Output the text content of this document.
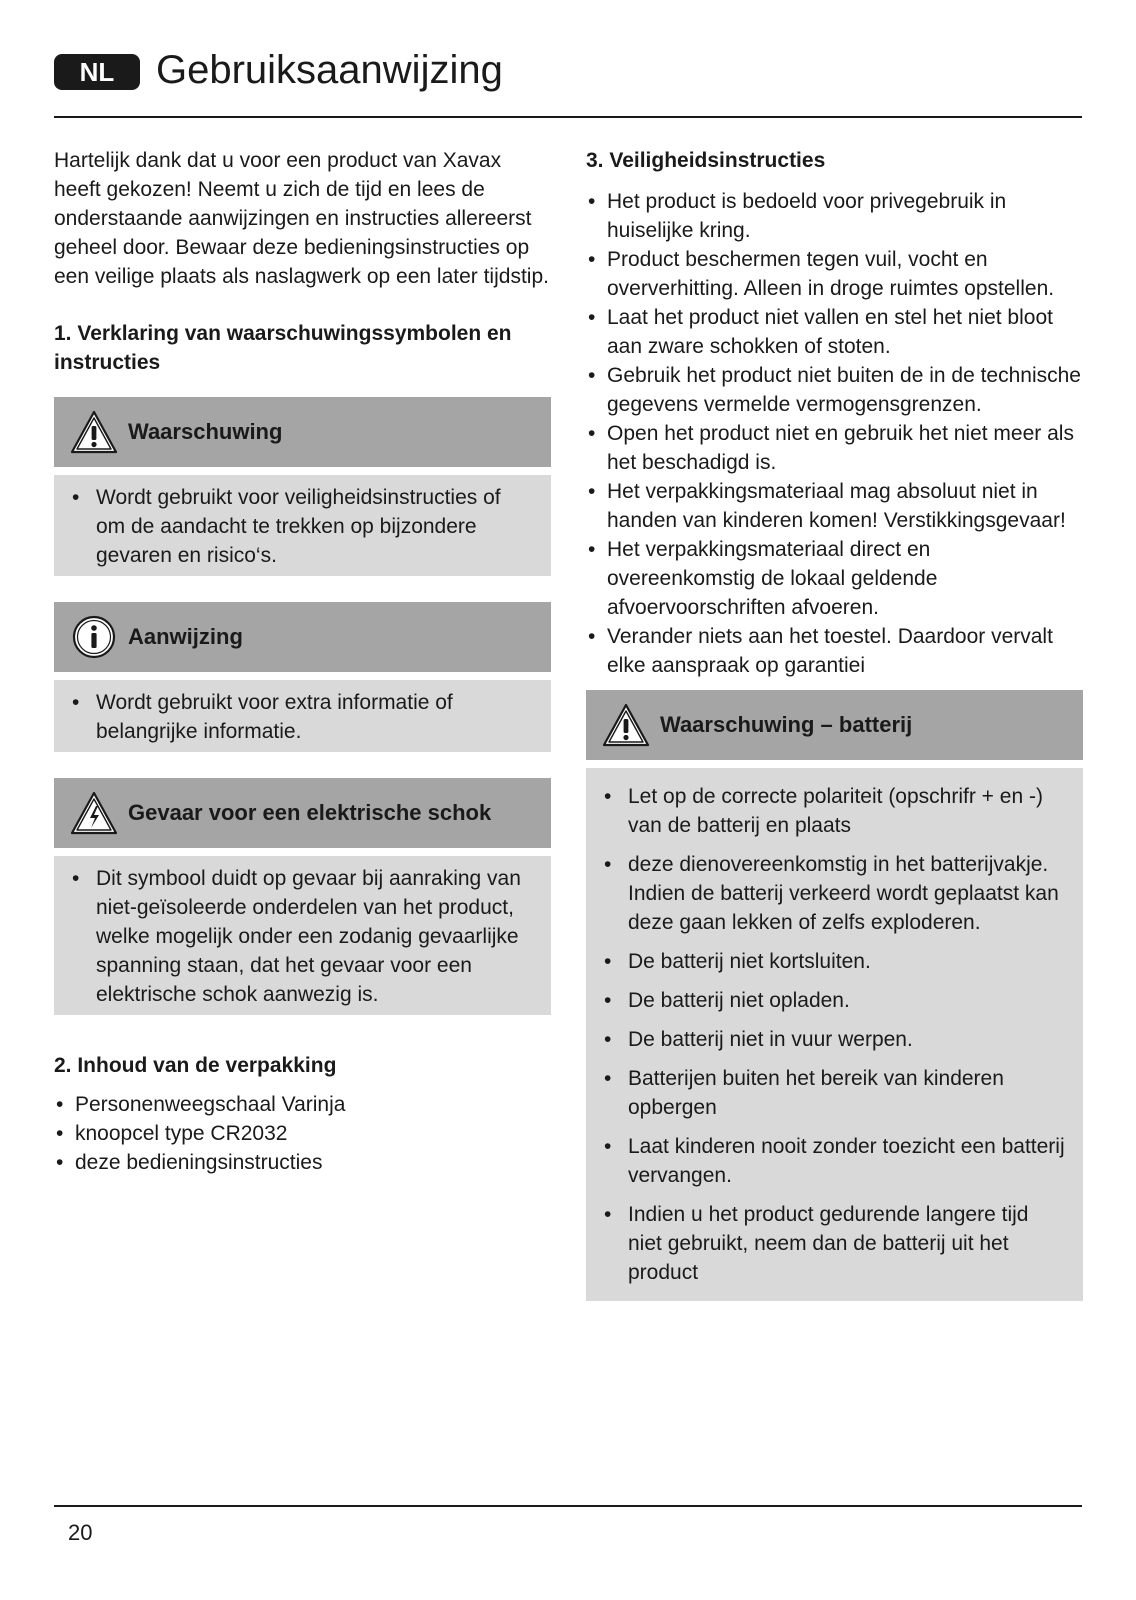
NL	Gebruiksaanwijzing

Hartelijk dank dat u voor een product van Xavax heeft gekozen! Neemt u zich de tijd en lees de onderstaande aanwijzingen en instructies allereerst geheel door. Bewaar deze bedieningsinstructies op een veilige plaats als naslagwerk op een later tijdstip.

1. Verklaring van waarschuwingssymbolen en instructies
Waarschuwing
• Wordt gebruikt voor veiligheidsinstructies of om de aandacht te trekken op bijzondere gevaren en risico‘s.
Aanwijzing
• Wordt gebruikt voor extra informatie of belangrijke informatie.
Gevaar voor een elektrische schok
• Dit symbool duidt op gevaar bij aanraking van niet-geïsoleerde onderdelen van het product, welke mogelijk onder een zodanig gevaarlijke spanning staan, dat het gevaar voor een elektrische schok aanwezig is.
2. Inhoud van de verpakking
• Personenweegschaal Varinja
• knoopcel type CR2032
• deze bedieningsinstructies
3. Veiligheidsinstructies
• Het product is bedoeld voor privegebruik in huiselijke kring.
• Product beschermen tegen vuil, vocht en oververhitting. Alleen in droge ruimtes opstellen.
• Laat het product niet vallen en stel het niet bloot aan zware schokken of stoten.
• Gebruik het product niet buiten de in de technische gegevens vermelde vermogensgrenzen.
• Open het product niet en gebruik het niet meer als het beschadigd is.
• Het verpakkingsmateriaal mag absoluut niet in handen van kinderen komen! Verstikkingsgevaar!
• Het verpakkingsmateriaal direct en overeenkomstig de lokaal geldende afvoervoorschriften afvoeren.
• Verander niets aan het toestel. Daardoor vervalt elke aanspraak op garantiei
Waarschuwing – batterij
• Let op de correcte polariteit (opschrifr + en -) van de batterij en plaats
• deze dienovereenkomstig in het batterijvakje. Indien de batterij verkeerd wordt geplaatst kan deze gaan lekken of zelfs exploderen.
• De batterij niet kortsluiten.
• De batterij niet opladen.
• De batterij niet in vuur werpen.
• Batterijen buiten het bereik van kinderen opbergen
• Laat kinderen nooit zonder toezicht een batterij vervangen.
• Indien u het product gedurende langere tijd niet gebruikt, neem dan de batterij uit het product
20
